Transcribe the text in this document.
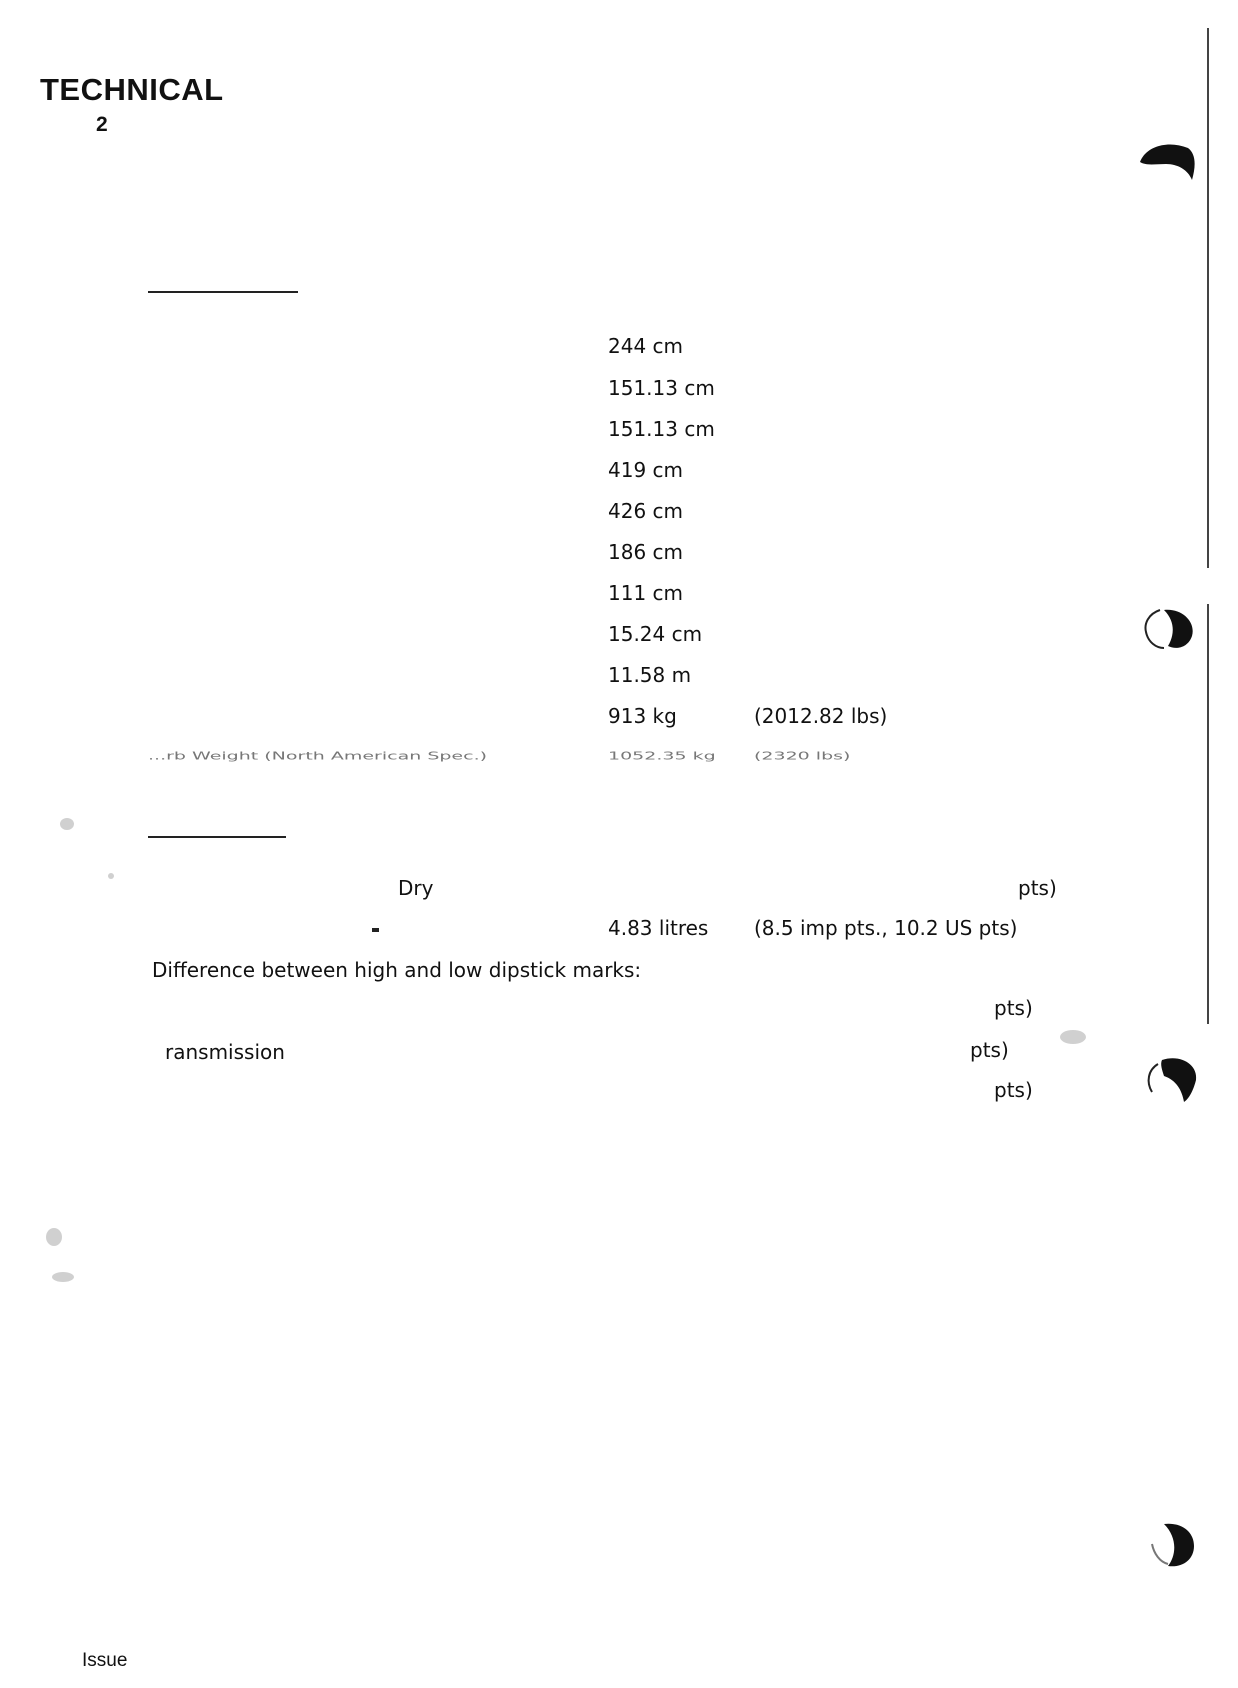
TECHNICAL
2
244 cm
151.13 cm
151.13 cm
419 cm
426 cm
186 cm
111 cm
15.24 cm
11.58 m
913 kg	(2012.82 lbs)
...rb Weight (North American Spec.)	1052.35 kg (2320 lbs)
Dry	pts)
4.83 litres (8.5 imp pts., 10.2 US pts)
Difference between high and low dipstick marks:
pts)
ransmission	pts)
pts)
Issue
